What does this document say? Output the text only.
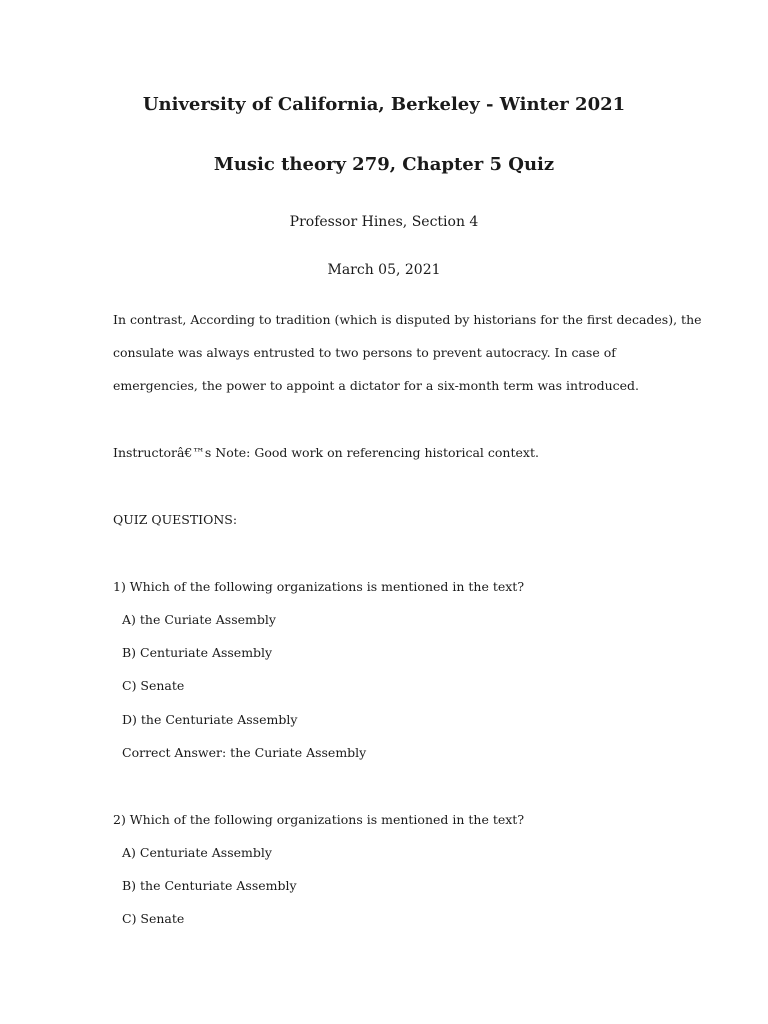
University of California, Berkeley - Winter 2021
Music theory 279, Chapter 5 Quiz
Professor Hines, Section 4
March 05, 2021
In contrast, According to tradition (which is disputed by historians for the first decades), the
consulate was always entrusted to two persons to prevent autocracy. In case of
emergencies, the power to appoint a dictator for a six-month term was introduced.
Instructorâ€™s Note: Good work on referencing historical context.
QUIZ QUESTIONS:
1) Which of the following organizations is mentioned in the text?
A) the Curiate Assembly
B) Centuriate Assembly
C) Senate
D) the Centuriate Assembly
Correct Answer: the Curiate Assembly
2) Which of the following organizations is mentioned in the text?
A) Centuriate Assembly
B) the Centuriate Assembly
C) Senate
